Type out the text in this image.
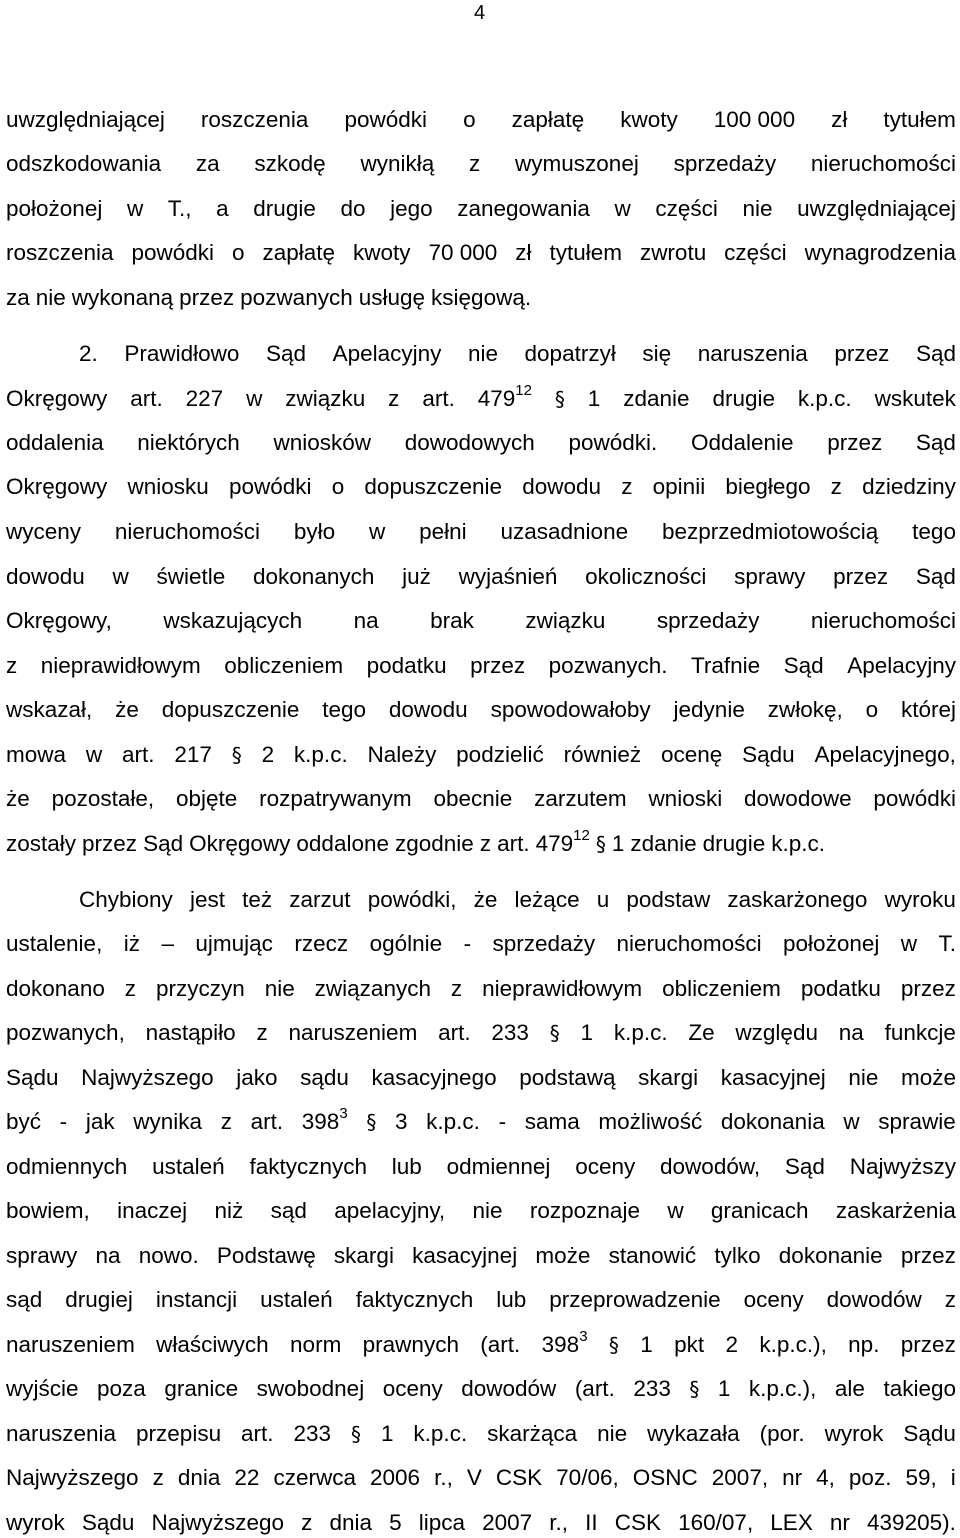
4
uwzględniającej roszczenia powódki o zapłatę kwoty 100 000 zł tytułem
odszkodowania za szkodę wynikłą z wymuszonej sprzedaży nieruchomości
położonej w T., a drugie do jego zanegowania w części nie uwzględniającej
roszczenia powódki o zapłatę kwoty 70 000 zł tytułem zwrotu części wynagrodzenia
za nie wykonaną przez pozwanych usługę księgową.
2. Prawidłowo Sąd Apelacyjny nie dopatrzył się naruszenia przez Sąd
Okręgowy art. 227 w związku z art. $479^{12}$ § 1 zdanie drugie k.p.c. wskutek
oddalenia niektórych wniosków dowodowych powódki. Oddalenie przez Sąd
Okręgowy wniosku powódki o dopuszczenie dowodu z opinii biegłego z dziedziny
wyceny nieruchomości było w pełni uzasadnione bezprzedmiotowością tego
dowodu w świetle dokonanych już wyjaśnień okoliczności sprawy przez Sąd
Okręgowy, wskazujących na brak związku sprzedaży nieruchomości
z nieprawidłowym obliczeniem podatku przez pozwanych. Trafnie Sąd Apelacyjny
wskazał, że dopuszczenie tego dowodu spowodowałoby jedynie zwłokę, o której
mowa w art. 217 § 2 k.p.c. Należy podzielić również ocenę Sądu Apelacyjnego,
że pozostałe, objęte rozpatrywanym obecnie zarzutem wnioski dowodowe powódki
zostały przez Sąd Okręgowy oddalone zgodnie z art. $479^{12}$ § 1 zdanie drugie k.p.c.
Chybiony jest też zarzut powódki, że leżące u podstaw zaskarżonego wyroku
ustalenie, iż – ujmując rzecz ogólnie - sprzedaży nieruchomości położonej w T.
dokonano z przyczyn nie związanych z nieprawidłowym obliczeniem podatku przez
pozwanych, nastąpiło z naruszeniem art. 233 § 1 k.p.c. Ze względu na funkcje
Sądu Najwyższego jako sądu kasacyjnego podstawą skargi kasacyjnej nie może
być - jak wynika z art. $398^3$ § 3 k.p.c. - sama możliwość dokonania w sprawie
odmiennych ustaleń faktycznych lub odmiennej oceny dowodów, Sąd Najwyższy
bowiem, inaczej niż sąd apelacyjny, nie rozpoznaje w granicach zaskarżenia
sprawy na nowo. Podstawę skargi kasacyjnej może stanowić tylko dokonanie przez
sąd drugiej instancji ustaleń faktycznych lub przeprowadzenie oceny dowodów z
naruszeniem właściwych norm prawnych (art. $398^3$ § 1 pkt 2 k.p.c.), np. przez
wyjście poza granice swobodnej oceny dowodów (art. 233 § 1 k.p.c.), ale takiego
naruszenia przepisu art. 233 § 1 k.p.c. skarżąca nie wykazała (por. wyrok Sądu
Najwyższego z dnia 22 czerwca 2006 r., V CSK 70/06, OSNC 2007, nr 4, poz. 59, i
wyrok Sądu Najwyższego z dnia 5 lipca 2007 r., II CSK 160/07, LEX nr 439205).
